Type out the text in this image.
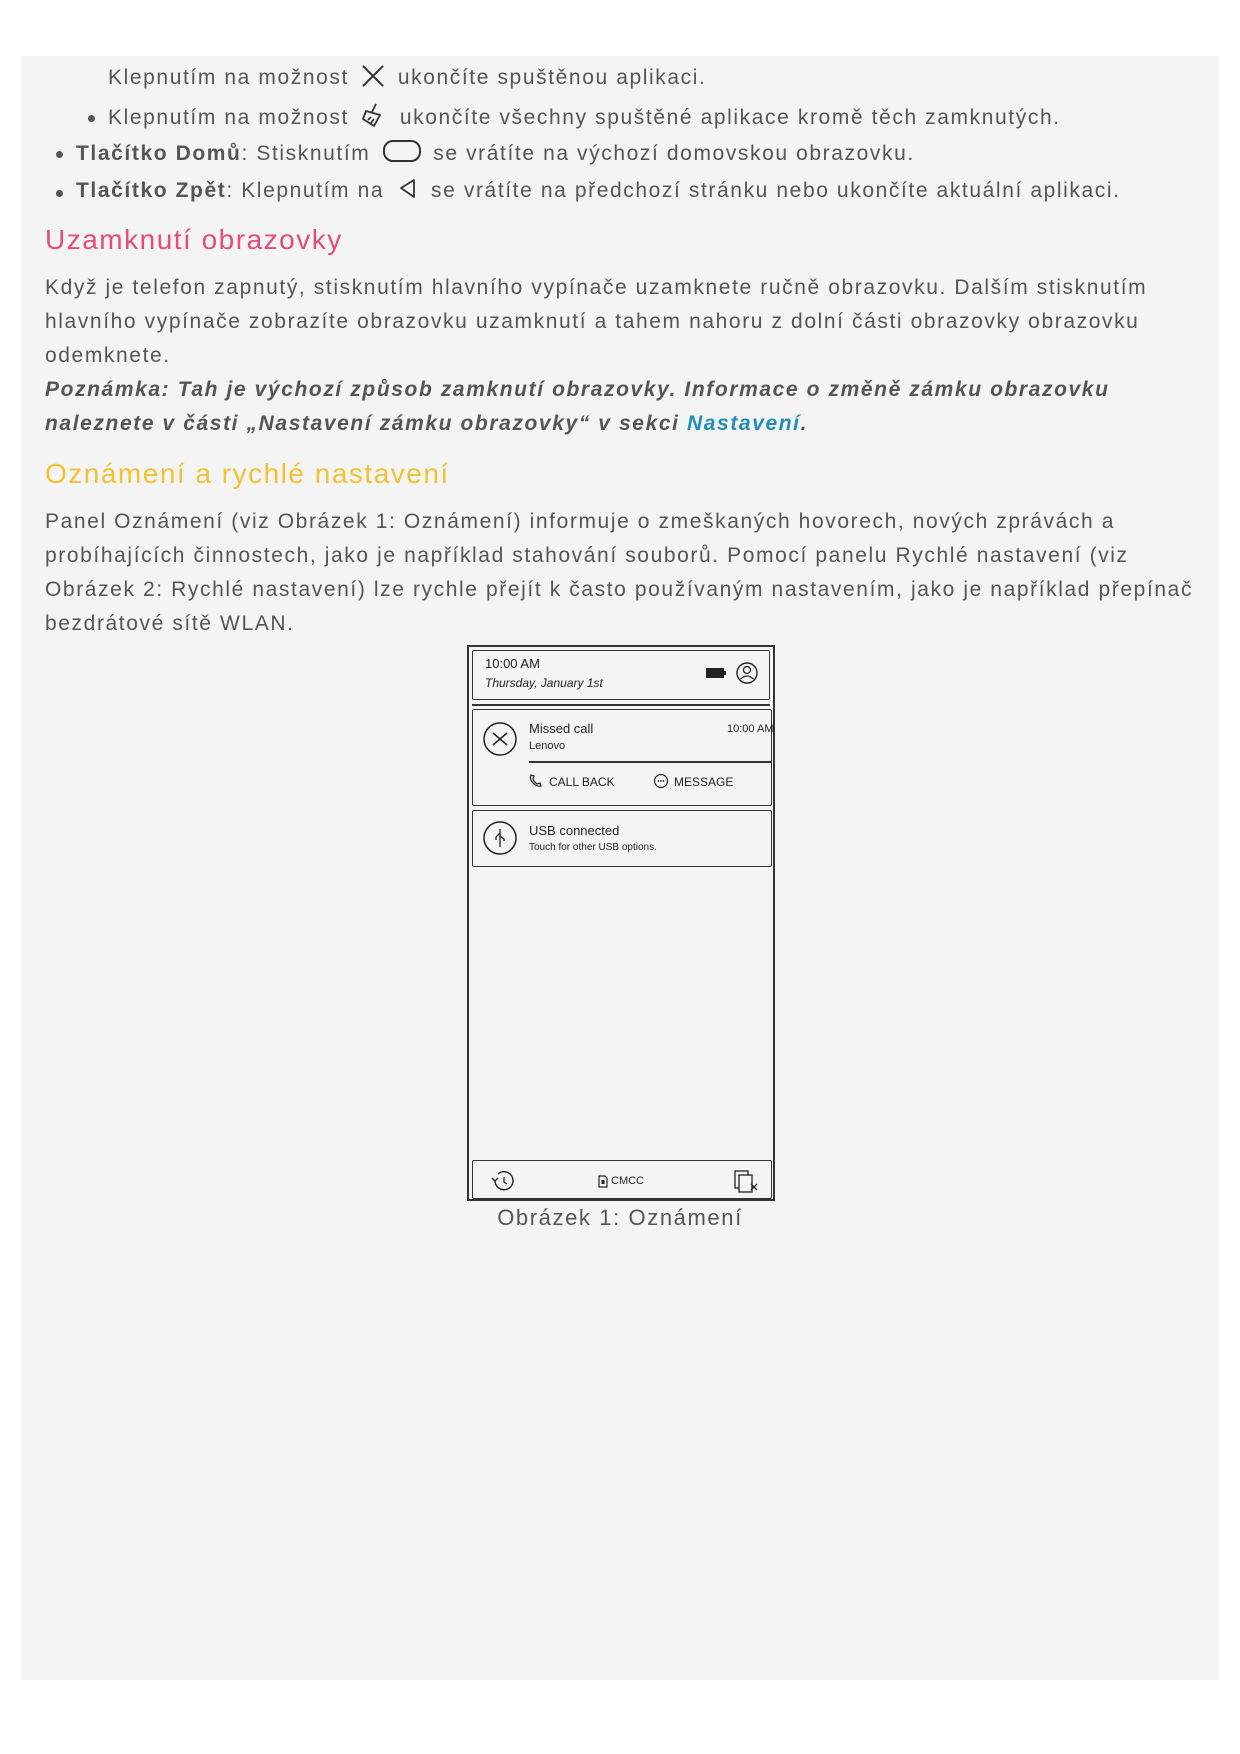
Klepnutím na možnost ukončíte spuštěnou aplikaci.
Klepnutím na možnost ukončíte všechny spuštěné aplikace kromě těch zamknutých.
Tlačítko Domů: Stisknutím	se vrátíte na výchozí domovskou obrazovku.
Tlačítko Zpět: Klepnutím na se vrátíte na předchozí stránku nebo ukončíte aktuální aplikaci.
Uzamknutí obrazovky
Když je telefon zapnutý, stisknutím hlavního vypínače uzamknete ručně obrazovku. Dalším stisknutím hlavního vypínače zobrazíte obrazovku uzamknutí a tahem nahoru z dolní části obrazovky obrazovku odemknete.
Poznámka: Tah je výchozí způsob zamknutí obrazovky. Informace o změně zámku obrazovku naleznete v části „Nastavení zámku obrazovky“ v sekci Nastavení.
Oznámení a rychlé nastavení
Panel Oznámení (viz Obrázek 1: Oznámení) informuje o zmeškaných hovorech, nových zprávách a probíhajících činnostech, jako je například stahování souborů. Pomocí panelu Rychlé nastavení (viz Obrázek 2: Rychlé nastavení) lze rychle přejít k často používaným nastavením, jako je například přepínač bezdrátové sítě WLAN.
10:00 AM
Thursday, January 1st
Missed call	10:00 AM
Lenovo
CALL BACK	MESSAGE
USB connected
Touch for other USB options.
CMCC
Obrázek 1: Oznámení
